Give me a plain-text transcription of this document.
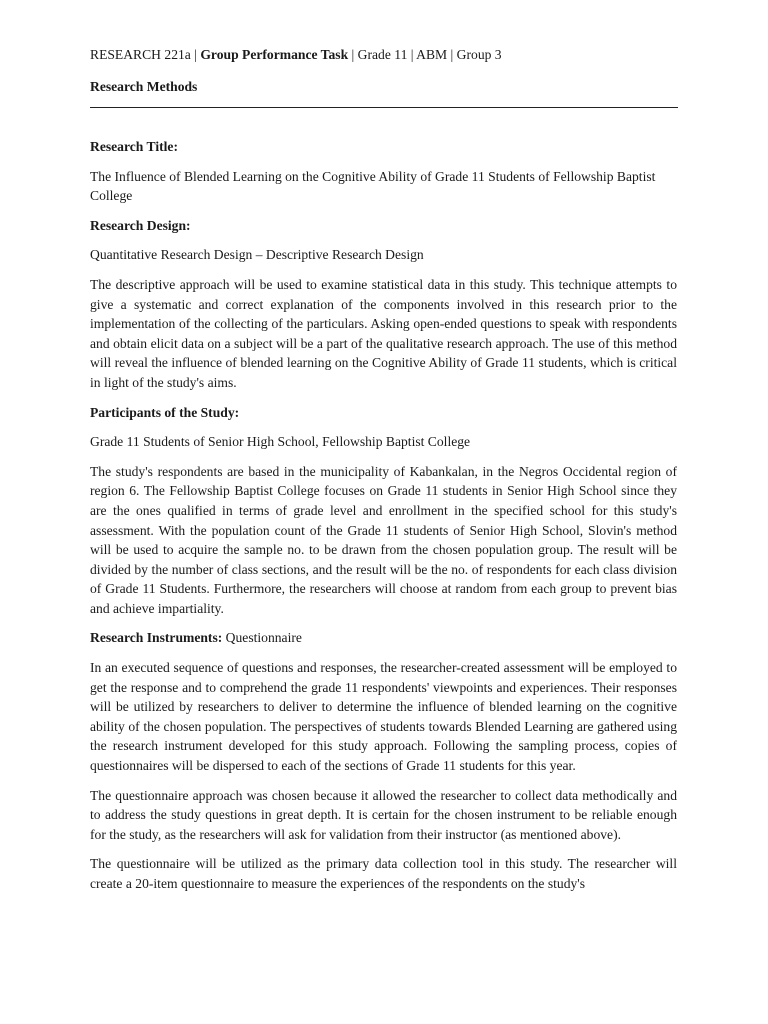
RESEARCH 221a | Group Performance Task | Grade 11 | ABM | Group 3
Research Methods

Research Title:

The Influence of Blended Learning on the Cognitive Ability of Grade 11 Students of Fellowship Baptist College

Research Design:

Quantitative Research Design – Descriptive Research Design

The descriptive approach will be used to examine statistical data in this study. This technique attempts to give a systematic and correct explanation of the components involved in this research prior to the implementation of the collecting of the particulars. Asking open-ended questions to speak with respondents and obtain elicit data on a subject will be a part of the qualitative research approach. The use of this method will reveal the influence of blended learning on the Cognitive Ability of Grade 11 students, which is critical in light of the study's aims.

Participants of the Study:

Grade 11 Students of Senior High School, Fellowship Baptist College

The study's respondents are based in the municipality of Kabankalan, in the Negros Occidental region of region 6. The Fellowship Baptist College focuses on Grade 11 students in Senior High School since they are the ones qualified in terms of grade level and enrollment in the specified school for this study's assessment. With the population count of the Grade 11 students of Senior High School, Slovin's method will be used to acquire the sample no. to be drawn from the chosen population group. The result will be divided by the number of class sections, and the result will be the no. of respondents for each class division of Grade 11 Students. Furthermore, the researchers will choose at random from each group to prevent bias and achieve impartiality.

Research Instruments: Questionnaire

In an executed sequence of questions and responses, the researcher-created assessment will be employed to get the response and to comprehend the grade 11 respondents' viewpoints and experiences. Their responses will be utilized by researchers to deliver to determine the influence of blended learning on the cognitive ability of the chosen population. The perspectives of students towards Blended Learning are gathered using the research instrument developed for this study approach. Following the sampling process, copies of questionnaires will be dispersed to each of the sections of Grade 11 students for this year.

The questionnaire approach was chosen because it allowed the researcher to collect data methodically and to address the study questions in great depth. It is certain for the chosen instrument to be reliable enough for the study, as the researchers will ask for validation from their instructor (as mentioned above).

The questionnaire will be utilized as the primary data collection tool in this study. The researcher will create a 20-item questionnaire to measure the experiences of the respondents on the study's
